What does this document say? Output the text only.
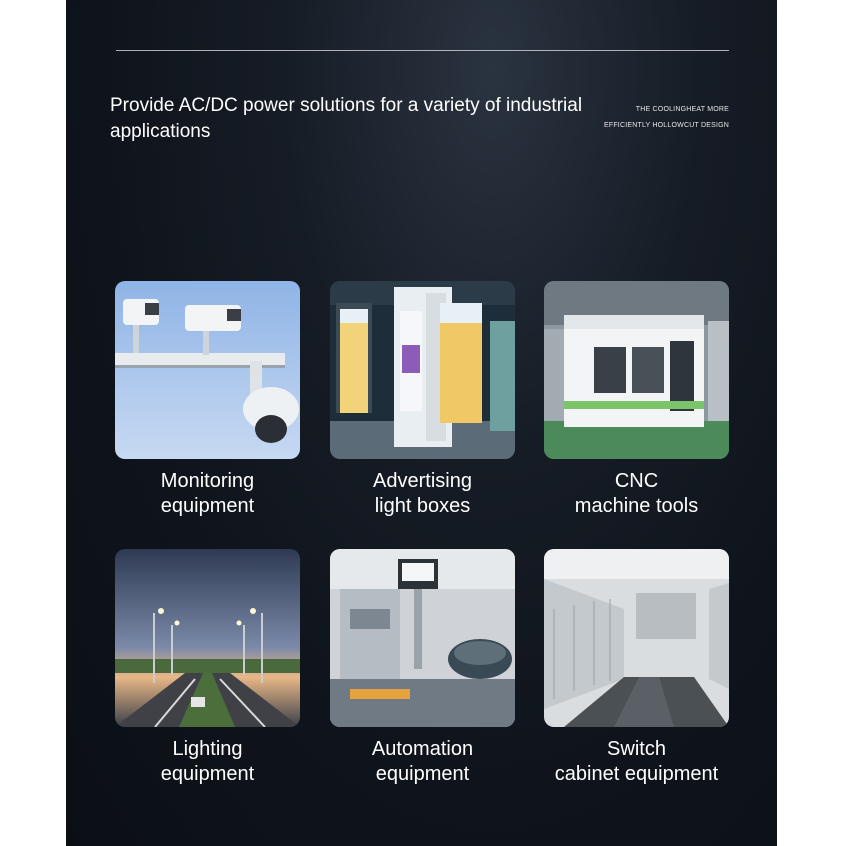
Provide AC/DC power solutions for a variety of industrial applications
THE COOLINGHEAT MORE
EFFICIENTLY HOLLOWCUT DESIGN
Monitoring
equipment
Advertising
light boxes
CNC
machine tools
Lighting
equipment
Automation
equipment
Switch
cabinet equipment
